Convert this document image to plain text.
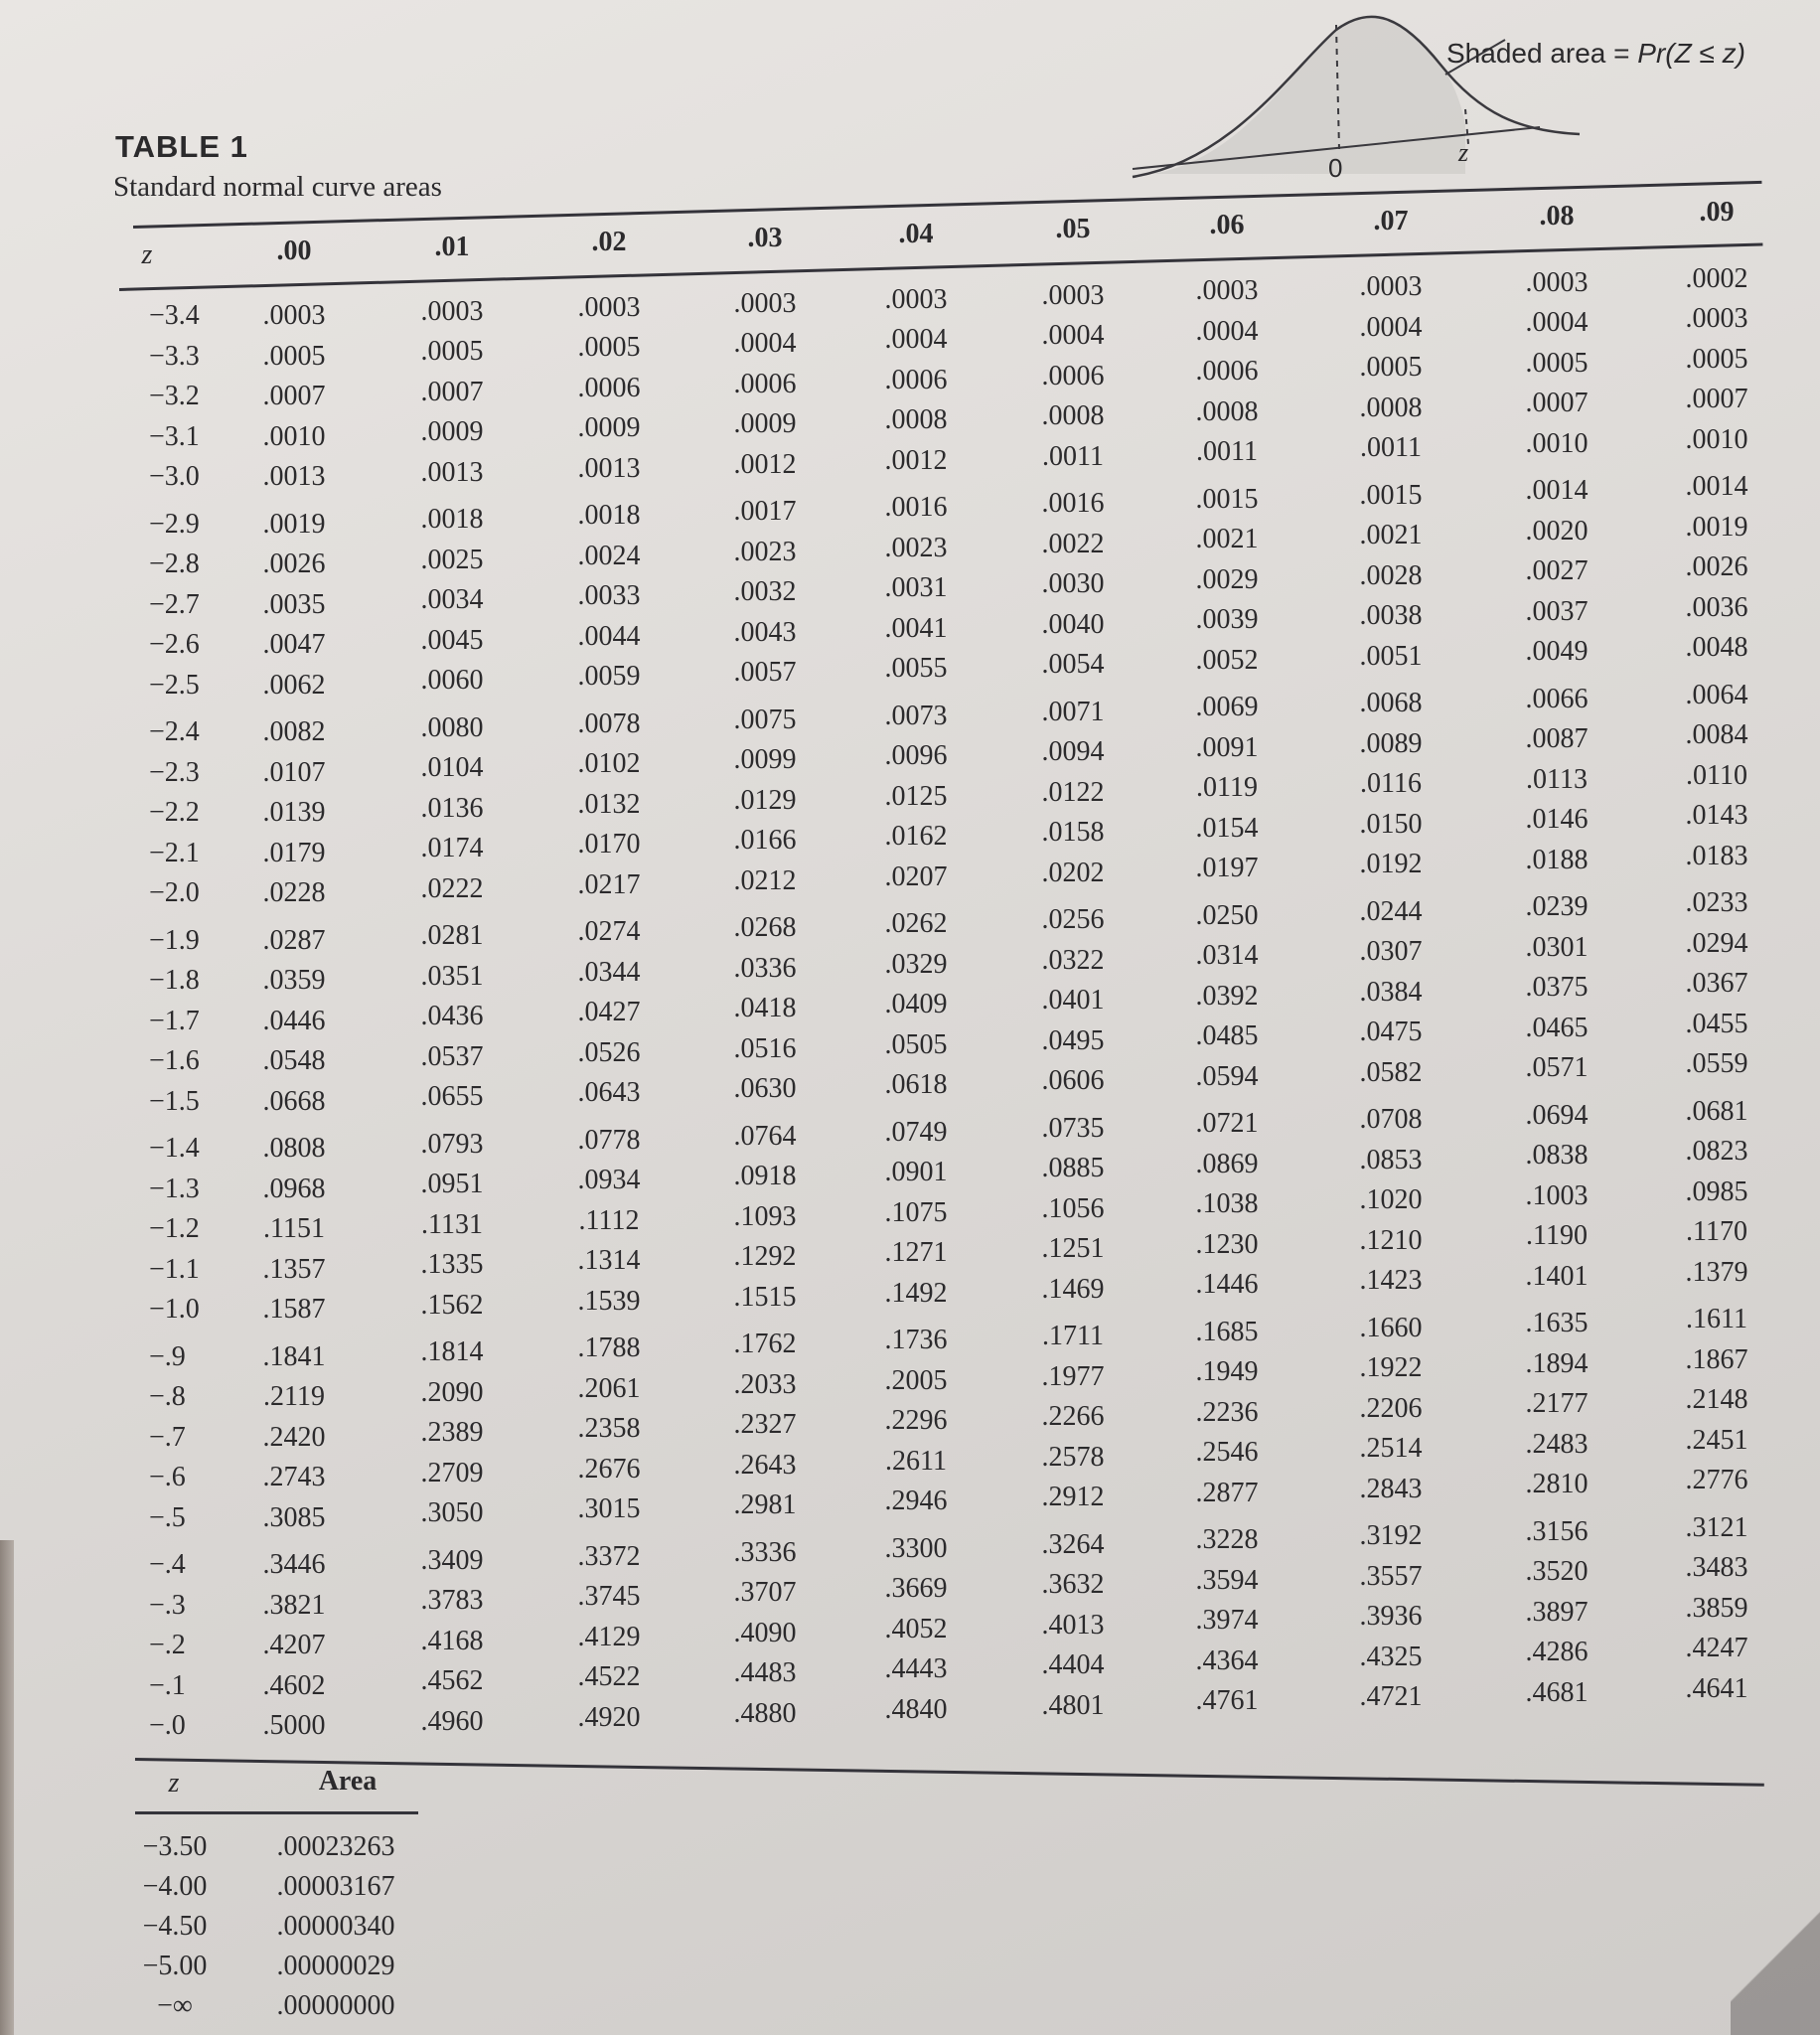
TABLE 1
Standard normal curve areas
0
z
Shaded area = Pr(Z ≤ z)
z	.00	.01	.02	.03	.04	.05	.06	.07	.08	.09
−3.4 .0003	.0003	.0003	.0003	.0003	.0003	.0003	.0003	.0003	.0002
−3.3 .0005	.0005	.0005	.0004	.0004	.0004	.0004	.0004	.0004	.0003
−3.2 .0007	.0007	.0006	.0006	.0006	.0006	.0006	.0005	.0005	.0005
−3.1 .0010	.0009	.0009	.0009	.0008	.0008	.0008	.0008	.0007	.0007
−3.0 .0013	.0013	.0013	.0012	.0012	.0011	.0011	.0011	.0010	.0010
−2.9 .0019	.0018	.0018	.0017	.0016	.0016	.0015	.0015	.0014	.0014
−2.8 .0026	.0025	.0024	.0023	.0023	.0022	.0021	.0021	.0020	.0019
−2.7 .0035	.0034	.0033	.0032	.0031	.0030	.0029	.0028	.0027	.0026
−2.6 .0047	.0045	.0044	.0043	.0041	.0040	.0039	.0038	.0037	.0036
−2.5 .0062	.0060	.0059	.0057	.0055	.0054	.0052	.0051	.0049	.0048
−2.4 .0082	.0080	.0078	.0075	.0073	.0071	.0069	.0068	.0066	.0064
−2.3 .0107	.0104	.0102	.0099	.0096	.0094	.0091	.0089	.0087	.0084
−2.2 .0139	.0136	.0132	.0129	.0125	.0122	.0119	.0116	.0113	.0110
−2.1 .0179	.0174	.0170	.0166	.0162	.0158	.0154	.0150	.0146	.0143
−2.0 .0228	.0222	.0217	.0212	.0207	.0202	.0197	.0192	.0188	.0183
−1.9 .0287	.0281	.0274	.0268	.0262	.0256	.0250	.0244	.0239	.0233
−1.8 .0359	.0351	.0344	.0336	.0329	.0322	.0314	.0307	.0301	.0294
−1.7 .0446	.0436	.0427	.0418	.0409	.0401	.0392	.0384	.0375	.0367
−1.6 .0548	.0537	.0526	.0516	.0505	.0495	.0485	.0475	.0465	.0455
−1.5 .0668	.0655	.0643	.0630	.0618	.0606	.0594	.0582	.0571	.0559
−1.4 .0808	.0793	.0778	.0764	.0749	.0735	.0721	.0708	.0694	.0681
−1.3 .0968	.0951	.0934	.0918	.0901	.0885	.0869	.0853	.0838	.0823
−1.2 .1151	.1131	.1112	.1093	.1075	.1056	.1038	.1020	.1003	.0985
−1.1 .1357	.1335	.1314	.1292	.1271	.1251	.1230	.1210	.1190	.1170
−1.0 .1587	.1562	.1539	.1515	.1492	.1469	.1446	.1423	.1401	.1379
−.9	.1841	.1814	.1788	.1762	.1736	.1711	.1685	.1660	.1635	.1611
−.8	.2119	.2090	.2061	.2033	.2005	.1977	.1949	.1922	.1894	.1867
−.7	.2420	.2389	.2358	.2327	.2296	.2266	.2236	.2206	.2177	.2148
−.6	.2743	.2709	.2676	.2643	.2611	.2578	.2546	.2514	.2483	.2451
−.5	.3085	.3050	.3015	.2981	.2946	.2912	.2877	.2843	.2810	.2776
−.4	.3446	.3409	.3372	.3336	.3300	.3264	.3228	.3192	.3156	.3121
−.3	.3821	.3783	.3745	.3707	.3669	.3632	.3594	.3557	.3520	.3483
−.2	.4207	.4168	.4129	.4090	.4052	.4013	.3974	.3936	.3897	.3859
−.1	.4602	.4562	.4522	.4483	.4443	.4404	.4364	.4325	.4286	.4247
−.0	.5000	.4960	.4920	.4880	.4840	.4801	.4761	.4721	.4681	.4641
z	Area
−3.50	.00023263
−4.00	.00003167
−4.50	.00000340
−5.00	.00000029
−∞	.00000000
